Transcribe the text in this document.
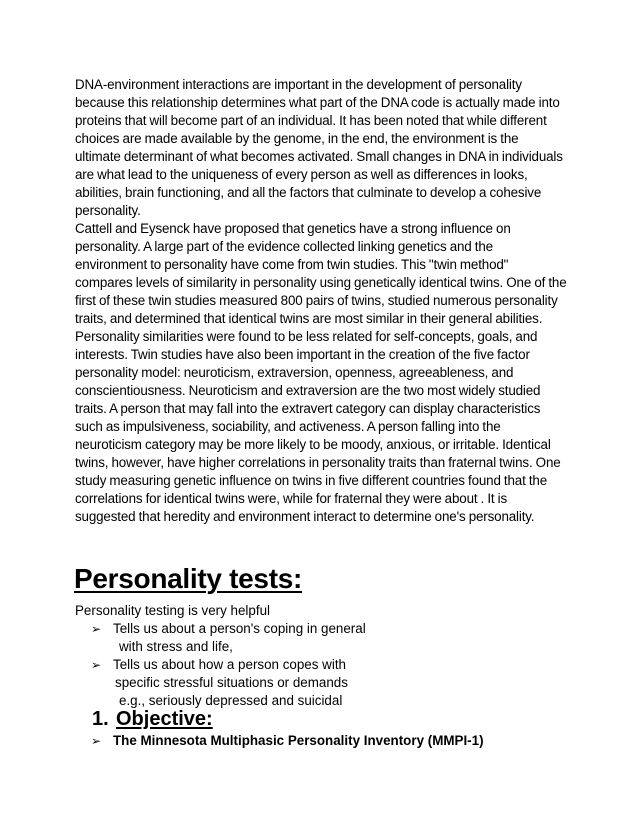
DNA-environment interactions are important in the development of personality because this relationship determines what part of the DNA code is actually made into proteins that will become part of an individual. It has been noted that while different choices are made available by the genome, in the end, the environment is the ultimate determinant of what becomes activated. Small changes in DNA in individuals are what lead to the uniqueness of every person as well as differences in looks, abilities, brain functioning, and all the factors that culminate to develop a cohesive personality.

Cattell and Eysenck have proposed that genetics have a strong influence on personality. A large part of the evidence collected linking genetics and the environment to personality have come from twin studies. This "twin method" compares levels of similarity in personality using genetically identical twins. One of the first of these twin studies measured 800 pairs of twins, studied numerous personality traits, and determined that identical twins are most similar in their general abilities. Personality similarities were found to be less related for self-concepts, goals, and interests. Twin studies have also been important in the creation of the five factor personality model: neuroticism, extraversion, openness, agreeableness, and conscientiousness. Neuroticism and extraversion are the two most widely studied traits. A person that may fall into the extravert category can display characteristics such as impulsiveness, sociability, and activeness. A person falling into the neuroticism category may be more likely to be moody, anxious, or irritable. Identical twins, however, have higher correlations in personality traits than fraternal twins. One study measuring genetic influence on twins in five different countries found that the correlations for identical twins were, while for fraternal they were about . It is suggested that heredity and environment interact to determine one's personality.

Personality tests:

Personality testing is very helpful

➢ Tells us about a person's coping in general
with stress and life,
➢ Tells us about how a person copes with
specific stressful situations or demands
e.g., seriously depressed and suicidal
1. Objective:

➢ The Minnesota Multiphasic Personality Inventory (MMPI-1)
